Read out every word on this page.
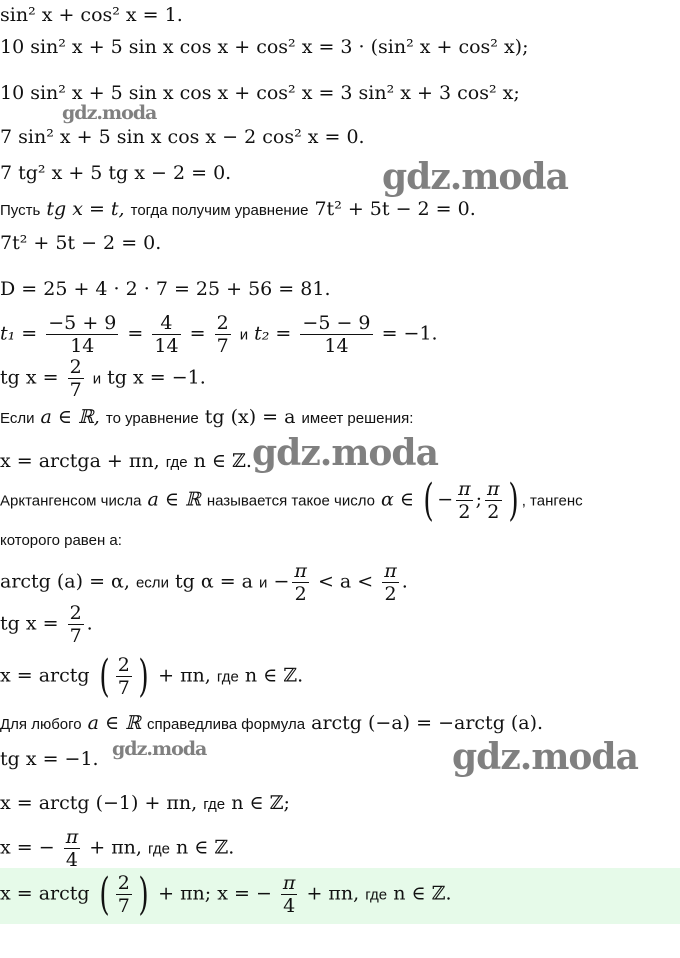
sin² x + cos² x = 1.
10 sin² x + 5 sin x cos x + cos² x = 3 · (sin² x + cos² x);
10 sin² x + 5 sin x cos x + cos² x = 3 sin² x + 3 cos² x;
7 sin² x + 5 sin x cos x − 2 cos² x = 0.
7 tg² x + 5 tg x − 2 = 0.
Пусть tg x = t, тогда получим уравнение 7t² + 5t − 2 = 0.
7t² + 5t − 2 = 0.
D = 25 + 4 · 2 · 7 = 25 + 56 = 81.
$t_1 = \frac{-5 + 9}{14} = \frac{4}{14} = \frac{2}{7}$ и $t_2 = \frac{-5 - 9}{14} = -1$.
tg $x = \frac{2}{7}$ и tg x = −1.
Если a ∈ ℝ, то уравнение tg (x) = a имеет решения:
x = arctga + πn, где n ∈ ℤ.
Арктангенсом числа a ∈ ℝ называется такое число α ∈ ( − $\frac{\pi}{2}$ ; $\frac{\pi}{2}$ ) , тангенс
которого равен a:
arctg (a) = α, если tg α = a $и - \frac{\pi}{2} < a < \frac{\pi}{2}$ .
tg $x = \frac{2}{7}$ .
x = arctg ( $\frac{2}{7}$ ) + πn, где n ∈ ℤ.
Для любого a ∈ ℝ справедлива формула arctg (−a) = −arctg (a).
tg x = −1.
x = arctg (−1) + πn, где n ∈ ℤ;
x = − $\frac{\pi}{4} + \pi n$, где n ∈ ℤ.
x = arctg ( $\frac{2}{7}$ ) + πn; x = − $\frac{\pi}{4} + \pi n$, где n ∈ ℤ.
gdz.moda
gdz.moda
gdz.moda
gdz.moda	gdz.moda
